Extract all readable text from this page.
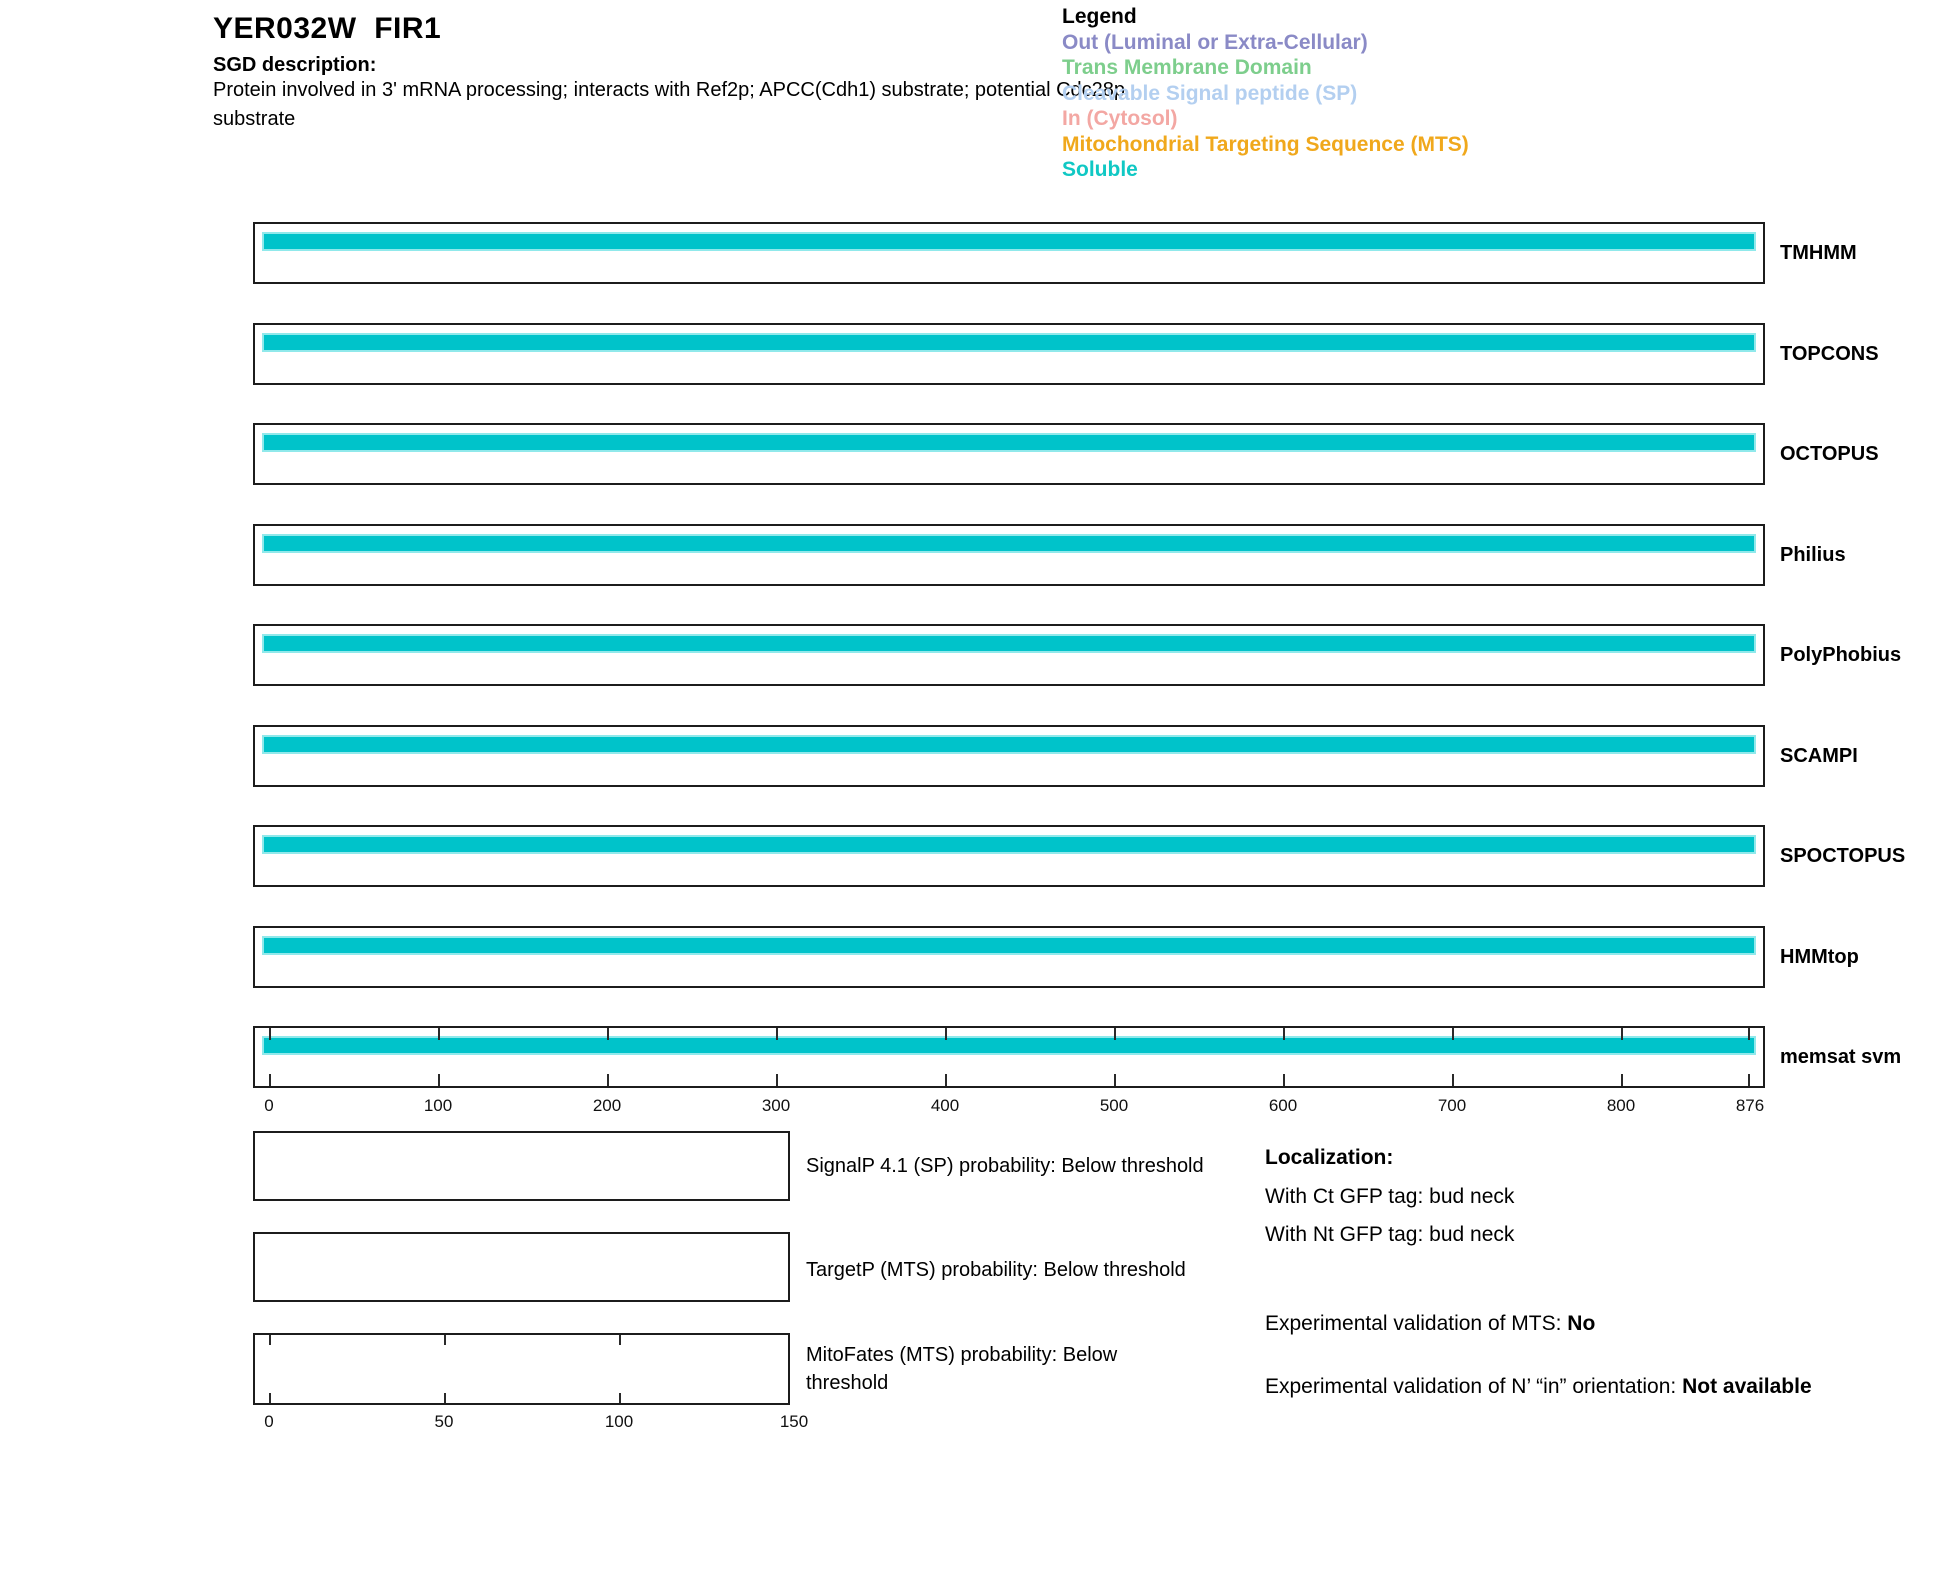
YER032W  FIR1
SGD description:
Protein involved in 3' mRNA processing; interacts with Ref2p; APCC(Cdh1) substrate; potential Cdc28p
substrate
Legend
Out (Luminal or Extra-Cellular)
Trans Membrane Domain
Cleavable Signal peptide (SP)
In (Cytosol)
Mitochondrial Targeting Sequence (MTS)
Soluble
TMHMM
TOPCONS
OCTOPUS
Philius
PolyPhobius
SCAMPI
SPOCTOPUS
HMMtop
memsat svm
0	100	200	300	400	500	600	700	800	876
SignalP 4.1 (SP) probability: Below threshold
TargetP (MTS) probability: Below threshold
MitoFates (MTS) probability: Below
threshold
0	50	100	150
Localization:
With Ct GFP tag: bud neck
With Nt GFP tag: bud neck
Experimental validation of MTS: No
Experimental validation of N’ “in” orientation: Not available
